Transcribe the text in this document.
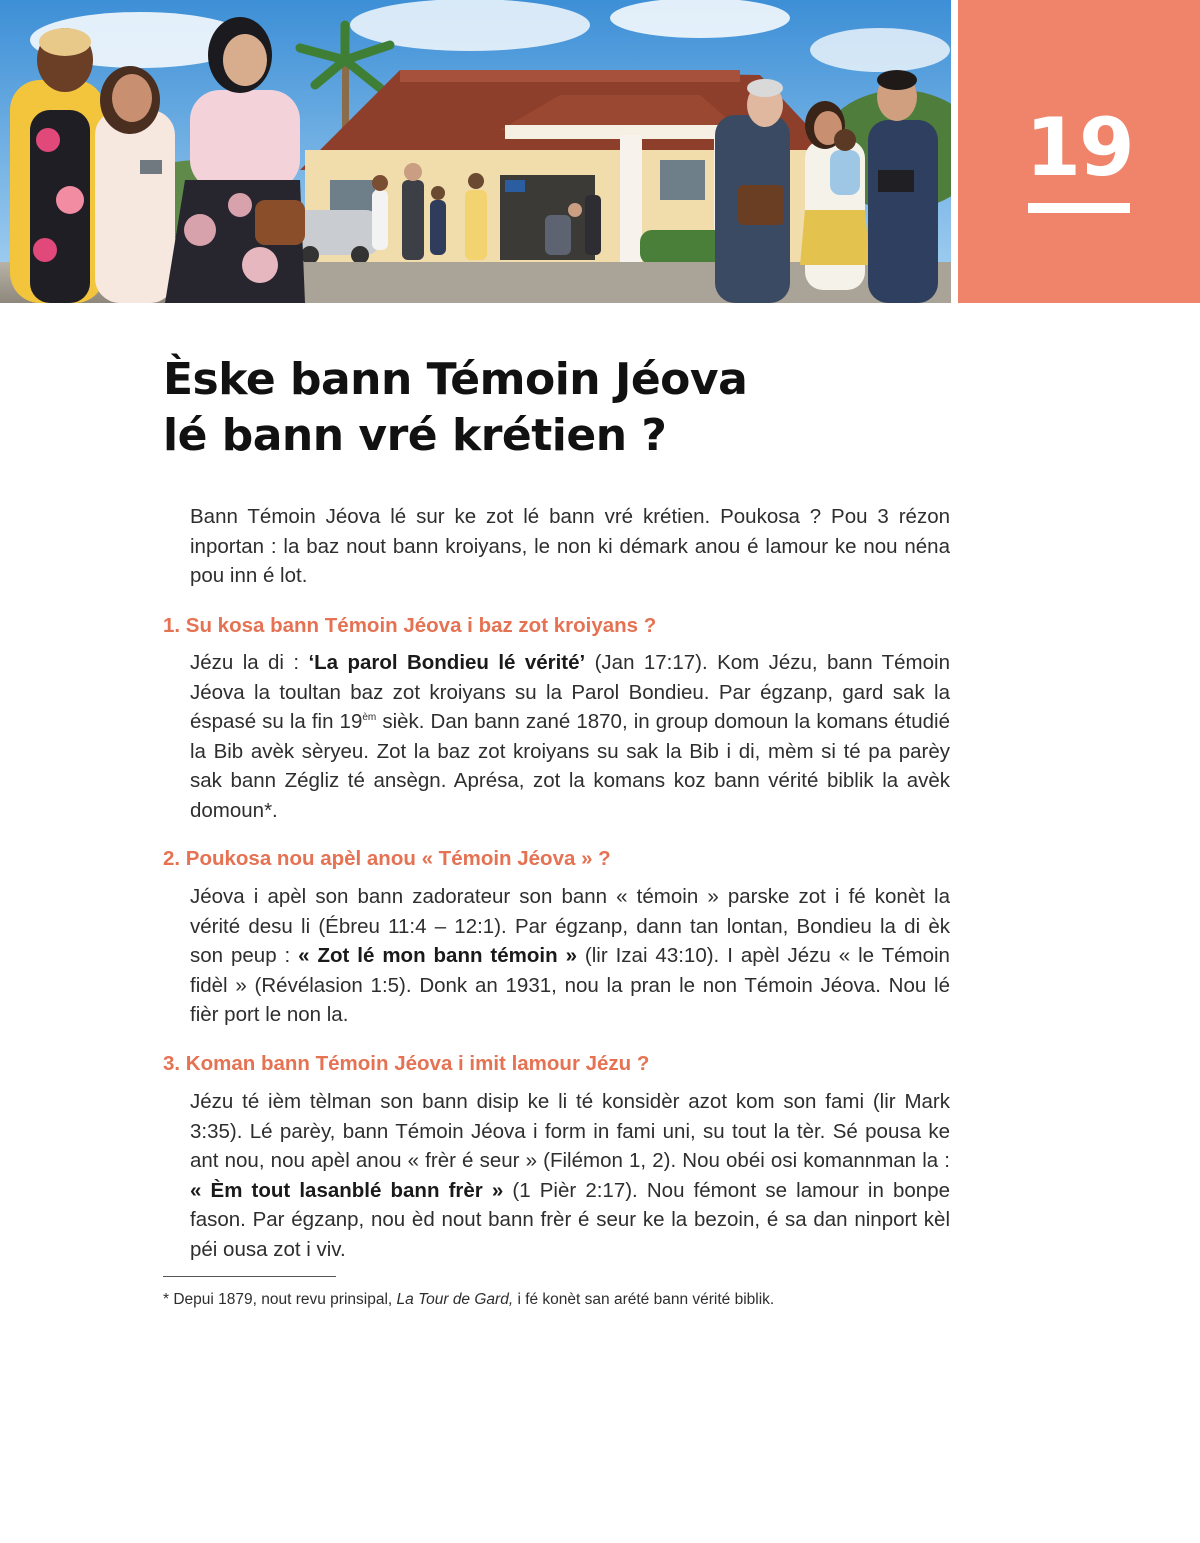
19
Èske bann Témoin Jéova
lé bann vré krétien ?

Bann Témoin Jéova lé sur ke zot lé bann vré krétien. Poukosa ? Pou 3 rézon inportan : la baz nout bann kroiyans, le non ki démark anou é lamour ke nou néna pou inn é lot.

1. Su kosa bann Témoin Jéova i baz zot kroiyans ?

Jézu la di : ‘La parol Bondieu lé vérité’ (Jan 17:17). Kom Jézu, bann Témoin Jéova la toultan baz zot kroiyans su la Parol Bondieu. Par égzanp, gard sak la éspasé su la fin $19^{èm}$ sièk. Dan bann zané 1870, in group domoun la komans étudié la Bib avèk sèryeu. Zot la baz zot kroiyans su sak la Bib i di, mèm si té pa parèy sak bann Zégliz té ansègn. Aprésa, zot la komans koz bann vérité biblik la avèk domoun*.

2. Poukosa nou apèl anou « Témoin Jéova » ?

Jéova i apèl son bann zadorateur son bann « témoin » parske zot i fé konèt la vérité desu li (Ébreu 11:4 – 12:1). Par égzanp, dann tan lontan, Bondieu la di èk son peup : « Zot lé mon bann témoin » (lir Izai 43:10). I apèl Jézu « le Témoin fidèl » (Révélasion 1:5). Donk an 1931, nou la pran le non Témoin Jéova. Nou lé fièr port le non la.

3. Koman bann Témoin Jéova i imit lamour Jézu ?

Jézu té ièm tèlman son bann disip ke li té konsidèr azot kom son fami (lir Mark 3:35). Lé parèy, bann Témoin Jéova i form in fami uni, su tout la tèr. Sé pousa ke ant nou, nou apèl anou « frèr é seur » (Filémon 1, 2). Nou obéi osi komannman la : « Èm tout lasanblé bann frèr » (1 Pièr 2:17). Nou fémont se lamour in bonpe fason. Par égzanp, nou èd nout bann frèr é seur ke la bezoin, é sa dan ninport kèl péi ousa zot i viv.

* Depui 1879, nout revu prinsipal, La Tour de Gard, i fé konèt san arété bann vérité biblik.
